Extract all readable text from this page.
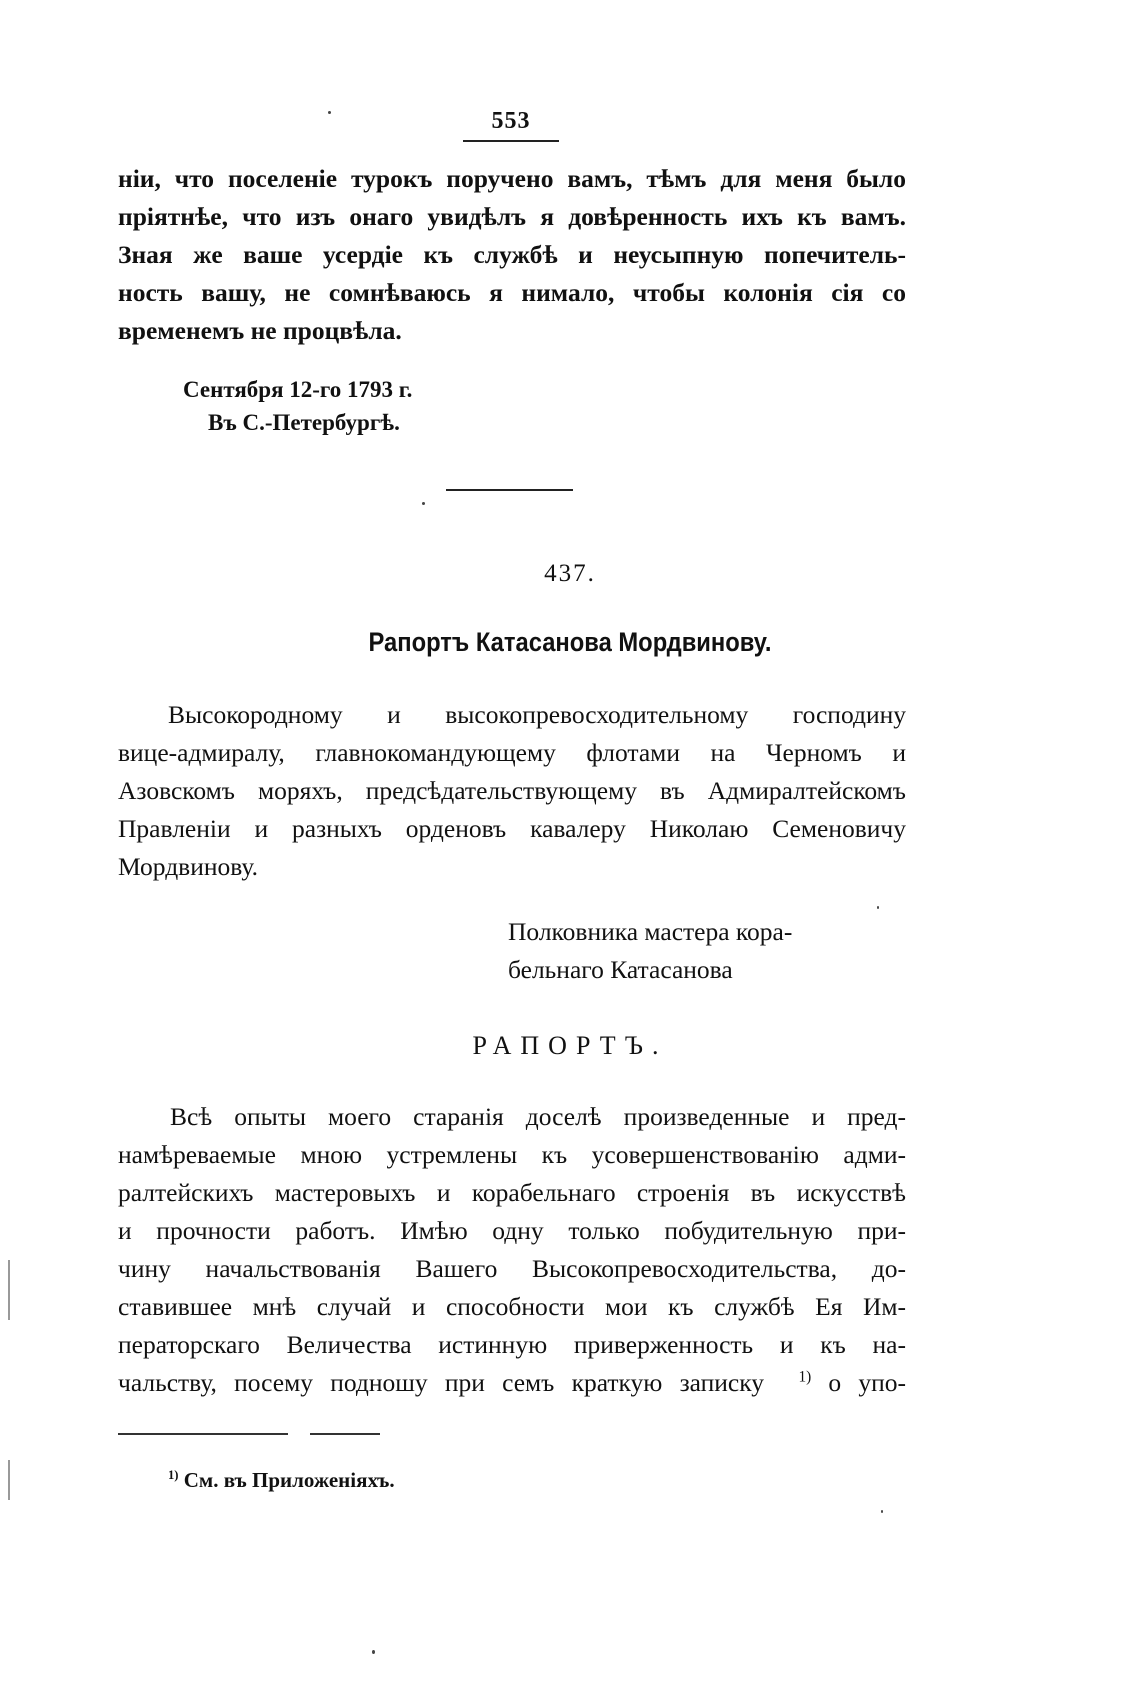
553

нiи, что поселенiе турокъ поручено вамъ, тѣмъ для меня было
прiятнѣе, что изъ онаго увидѣлъ я довѣренность ихъ къ вамъ.
Зная же ваше усердiе къ службѣ и неусыпную попечитель-
ность вашу, не сомнѣваюсь я нимало, чтобы колонiя сiя со
временемъ не процвѣла.

Сентября 12-го 1793 г.
Въ С.-Петербургѣ.
437.
Рапортъ Катасанова Мордвинову.

Высокородному и высокопревосходительному господину
вице-адмиралу, главнокомандующему флотами на Черномъ и
Азовскомъ моряхъ, предсѣдательствующему въ Адмиралтейскомъ
Правленiи и разныхъ орденовъ кавалеру Николаю Семеновичу
Мордвинову.

Полковника мастера кора-
бельнаго Катасанова
РАПОРТЪ.

Всѣ опыты моего старанiя доселѣ произведенные и пред-
намѣреваемые мною устремлены къ усовершенствованiю адми-
ралтейскихъ мастеровыхъ и корабельнаго строенiя въ искусствѣ
и прочности работъ. Имѣю одну только побудительную при-
чину начальствованiя Вашего Высокопревосходительства, до-
ставившее мнѣ случай и способности мои къ службѣ Ея Им-
ператорскаго Величества истинную приверженность и къ на-
чальству, посему подношу при семъ краткую записку $^{1)}$ о упо-

$^{1)}$ См. въ Приложенiяхъ.
